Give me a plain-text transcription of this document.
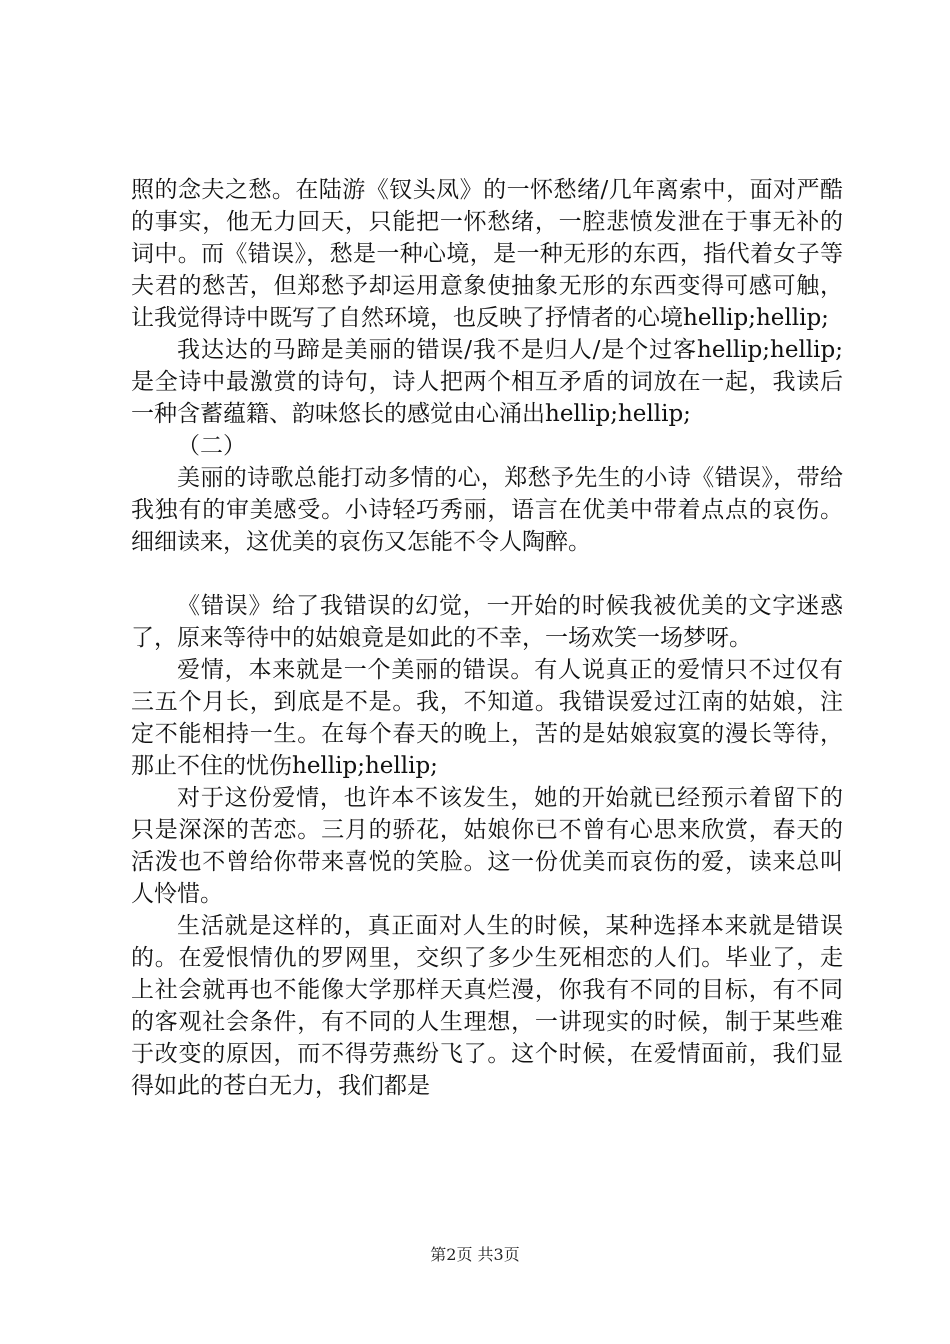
照的念夫之愁。在陆游《钗头凤》的一怀愁绪/几年离索中，面对严酷的事实，他无力回天，只能把一怀愁绪，一腔悲愤发泄在于事无补的词中。而《错误》，愁是一种心境，是一种无形的东西，指代着女子等夫君的愁苦，但郑愁予却运用意象使抽象无形的东西变得可感可触，让我觉得诗中既写了自然环境，也反映了抒情者的心境hellip;hellip;

我达达的马蹄是美丽的错误/我不是归人/是个过客hellip;hellip;是全诗中最激赏的诗句，诗人把两个相互矛盾的词放在一起，我读后一种含蓄蕴籍、韵味悠长的感觉由心涌出hellip;hellip;

（二）

美丽的诗歌总能打动多情的心，郑愁予先生的小诗《错误》，带给我独有的审美感受。小诗轻巧秀丽，语言在优美中带着点点的哀伤。细细读来，这优美的哀伤又怎能不令人陶醉。

《错误》给了我错误的幻觉，一开始的时候我被优美的文字迷惑了，原来等待中的姑娘竟是如此的不幸，一场欢笑一场梦呀。

爱情，本来就是一个美丽的错误。有人说真正的爱情只不过仅有三五个月长，到底是不是。我，不知道。我错误爱过江南的姑娘，注定不能相持一生。在每个春天的晚上，苦的是姑娘寂寞的漫长等待，那止不住的忧伤hellip;hellip;

对于这份爱情，也许本不该发生，她的开始就已经预示着留下的只是深深的苦恋。三月的骄花，姑娘你已不曾有心思来欣赏，春天的活泼也不曾给你带来喜悦的笑脸。这一份优美而哀伤的爱，读来总叫人怜惜。

生活就是这样的，真正面对人生的时候，某种选择本来就是错误的。在爱恨情仇的罗网里，交织了多少生死相恋的人们。毕业了，走上社会就再也不能像大学那样天真烂漫，你我有不同的目标，有不同的客观社会条件，有不同的人生理想，一讲现实的时候，制于某些难于改变的原因，而不得劳燕纷飞了。这个时候，在爱情面前，我们显得如此的苍白无力，我们都是

第2页 共3页
